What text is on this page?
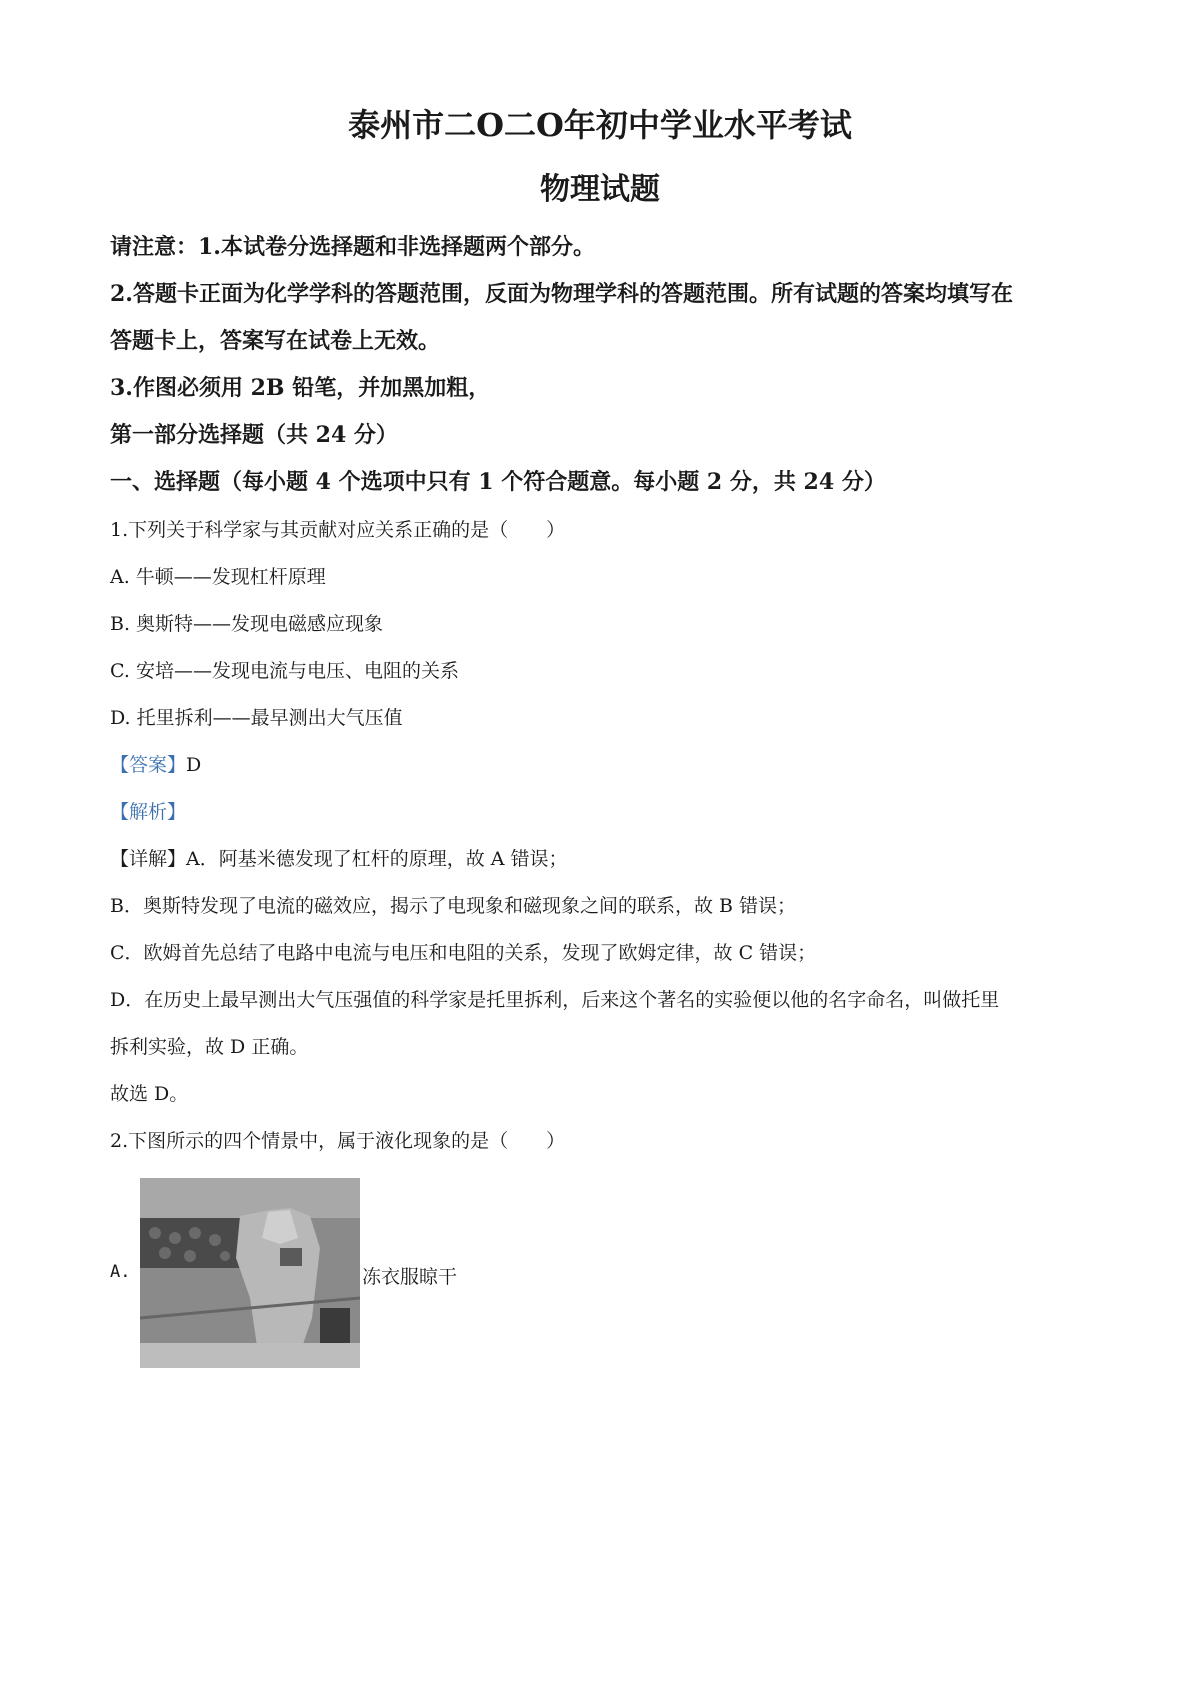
泰州市二O二O年初中学业水平考试
物理试题
请注意：1.本试卷分选择题和非选择题两个部分。
2.答题卡正面为化学学科的答题范围，反面为物理学科的答题范围。所有试题的答案均填写在
答题卡上，答案写在试卷上无效。
3.作图必须用 2B 铅笔，并加黑加粗，
第一部分选择题（共 24 分）
一、选择题（每小题 4 个选项中只有 1 个符合题意。每小题 2 分，共 24 分）
1.下列关于科学家与其贡献对应关系正确的是（　　）
A. 牛顿——发现杠杆原理
B. 奥斯特——发现电磁感应现象
C. 安培——发现电流与电压、电阻的关系
D. 托里拆利——最早测出大气压值
【答案】D
【解析】
【详解】A．阿基米德发现了杠杆的原理，故 A 错误；
B．奥斯特发现了电流的磁效应，揭示了电现象和磁现象之间的联系，故 B 错误；
C．欧姆首先总结了电路中电流与电压和电阻的关系，发现了欧姆定律，故 C 错误；
D．在历史上最早测出大气压强值的科学家是托里拆利，后来这个著名的实验便以他的名字命名，叫做托里
拆利实验，故 D 正确。
故选 D。
2.下图所示的四个情景中，属于液化现象的是（　　）
A.	冻衣服晾干
